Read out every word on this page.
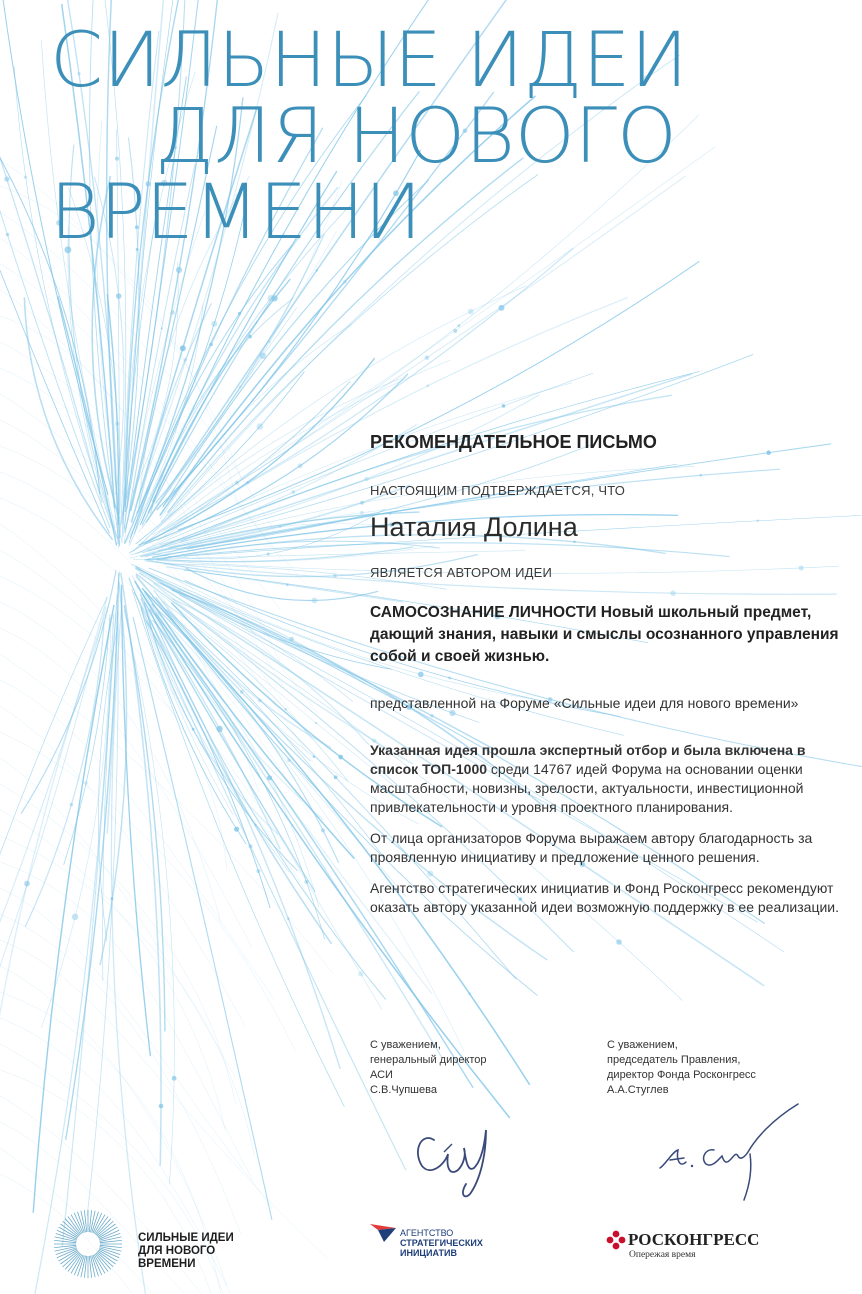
СИЛЬНЫЕ ИДЕИ
ДЛЯ НОВОГО
ВРЕМЕНИ
РЕКОМЕНДАТЕЛЬНОЕ ПИСЬМО
НАСТОЯЩИМ ПОДТВЕРЖДАЕТСЯ, ЧТО
Наталия Долина
ЯВЛЯЕТСЯ АВТОРОМ ИДЕИ
САМОСОЗНАНИЕ ЛИЧНОСТИ Новый школьный предмет, дающий знания, навыки и смыслы осознанного управления собой и своей жизнью.
представленной на Форуме «Сильные идеи для нового времени»
Указанная идея прошла экспертный отбор и была включена в список ТОП-1000 среди 14767 идей Форума на основании оценки масштабности, новизны, зрелости, актуальности, инвестиционной привлекательности и уровня проектного планирования.
От лица организаторов Форума выражаем автору благодарность за проявленную инициативу и предложение ценного решения.
Агентство стратегических инициатив и Фонд Росконгресс рекомендуют оказать автору указанной идеи возможную поддержку в ее реализации.
С уважением,
генеральный директор
АСИ
С.В.Чупшева
С уважением,
председатель Правления,
директор Фонда Росконгресс
А.А.Стуглев
СИЛЬНЫЕ ИДЕИ
ДЛЯ НОВОГО
ВРЕМЕНИ
АГЕНТСТВО
СТРАТЕГИЧЕСКИХ
ИНИЦИАТИВ
РОСКОНГРЕСС
Опережая время
